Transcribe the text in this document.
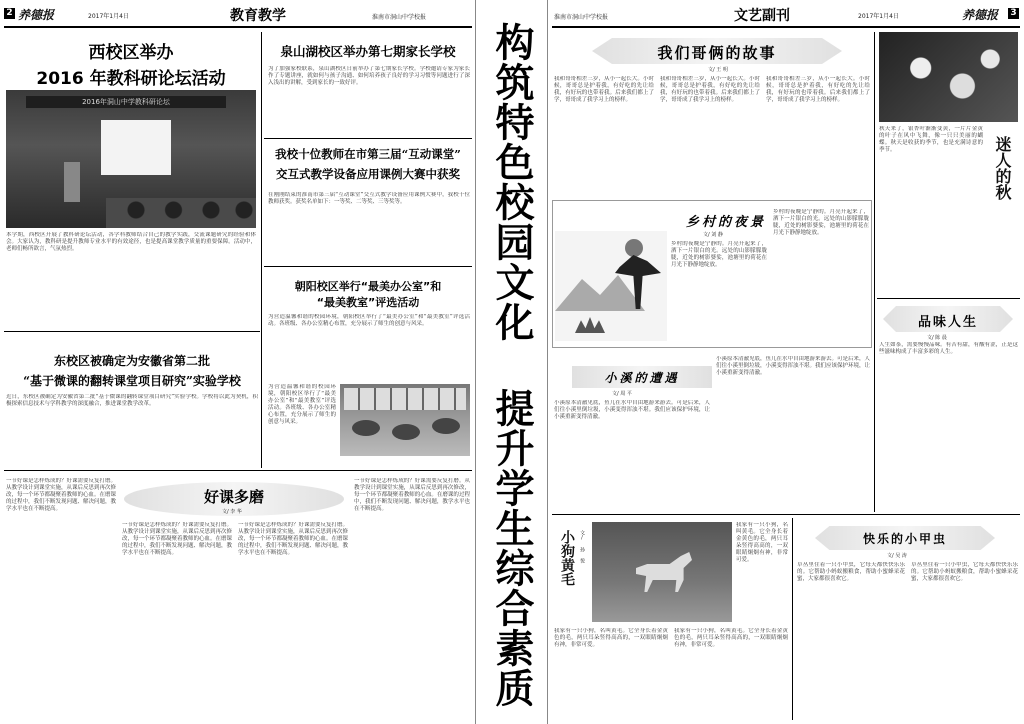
2 养德报	2017年1月4日	教育教学	淮南市洞山中学校报
西校区举办
2016 年教科研论坛活动
2016年洞山中学教科研论坛
本学期，西校区开展了教科研论坛活动，各学科教师结合自己的教学实践，交流课题研究的经验和体会。大家认为，教科研是提升教师专业水平的有效途径，也是提高课堂教学质量的重要保障。活动中，老师们畅所欲言，气氛热烈。
泉山湖校区举办第七期家长学校
为了加强家校联系，泉山湖校区日前举办了第七期家长学校。学校邀请专家为家长作了专题讲座，就如何与孩子沟通、如何培养孩子良好的学习习惯等问题进行了深入浅出的讲解，受到家长的一致好评。
我校十位教师在市第三届“互动课堂”
交互式教学设备应用课例大赛中获奖
在刚刚结束的淮南市第三届“互动课堂”交互式教学设备应用课例大赛中，我校十位教师获奖。获奖名单如下：一等奖、二等奖、三等奖等。
朝阳校区举行“最美办公室”和
“最美教室”评选活动
为营造温馨和谐的校园环境，朝阳校区举行了“最美办公室”和“最美教室”评选活动。各班级、各办公室精心布置，充分展示了师生的创意与风采。
为营造温馨和谐的校园环境，朝阳校区举行了“最美办公室”和“最美教室”评选活动。各班级、各办公室精心布置，充分展示了师生的创意与风采。
东校区被确定为安徽省第二批
“基于微课的翻转课堂项目研究”实验学校
近日，东校区被确定为安徽省第二批“基于微课的翻转课堂项目研究”实验学校。学校将以此为契机，积极探索信息技术与学科教学的深度融合，推进课堂教学改革。
好课多磨
文/ 李 华
一节好课是怎样炼成的？好课需要反复打磨。从教学设计到课堂实施，从课后反思到再次修改，每一个环节都凝聚着教师的心血。在磨课的过程中，我们不断发现问题、解决问题，教学水平也在不断提高。
一节好课是怎样炼成的？好课需要反复打磨。从教学设计到课堂实施，从课后反思到再次修改，每一个环节都凝聚着教师的心血。在磨课的过程中，我们不断发现问题、解决问题，教学水平也在不断提高。
一节好课是怎样炼成的？好课需要反复打磨。从教学设计到课堂实施，从课后反思到再次修改，每一个环节都凝聚着教师的心血。在磨课的过程中，我们不断发现问题、解决问题，教学水平也在不断提高。
一节好课是怎样炼成的？好课需要反复打磨。从教学设计到课堂实施，从课后反思到再次修改，每一个环节都凝聚着教师的心血。在磨课的过程中，我们不断发现问题、解决问题，教学水平也在不断提高。	构筑特色校园文化 提升学生综合素质
淮南市洞山中学校报	文艺副刊	2017年1月4日	养德报 3
我们哥俩的故事
文/ 王 明
我和哥哥相差三岁，从小一起长大。小时候，哥哥总是护着我，有好吃的先让给我，有好玩的也带着我。后来我们都上了学，哥哥成了我学习上的榜样。
我和哥哥相差三岁，从小一起长大。小时候，哥哥总是护着我，有好吃的先让给我，有好玩的也带着我。后来我们都上了学，哥哥成了我学习上的榜样。
我和哥哥相差三岁，从小一起长大。小时候，哥哥总是护着我，有好吃的先让给我，有好玩的也带着我。后来我们都上了学，哥哥成了我学习上的榜样。
乡村的夜景
文/ 刘 静
乡村的夜晚是宁静的。月亮升起来了，洒下一片银白的光。远处的山影朦朦胧胧，近处的树影婆娑，池塘里的荷花在月光下静静地绽放。
乡村的夜晚是宁静的。月亮升起来了，洒下一片银白的光。远处的山影朦朦胧胧，近处的树影婆娑，池塘里的荷花在月光下静静地绽放。
迷人的秋
秋天来了，银杏叶渐渐变黄，一片片金黄的叶子在风中飞舞，像一只只美丽的蝴蝶。秋天是收获的季节，也是充满诗意的季节。
品味人生
文/ 陈 晨
人生如茶，需要慢慢品味。有苦有甜，有酸有涩，正是这些滋味构成了丰富多彩的人生。
小溪的遭遇
文/ 周 平
小溪原本清澈见底，鱼儿在水中自由地游来游去。可是后来，人们往小溪里倒垃圾，小溪变得浑浊不堪。我们应该保护环境，让小溪重新变得清澈。
小溪原本清澈见底，鱼儿在水中自由地游来游去。可是后来，人们往小溪里倒垃圾，小溪变得浑浊不堪。我们应该保护环境，让小溪重新变得清澈。
小狗黄毛 文/ 孙 悦
我家有一只小狗，名叫黄毛。它全身长着金黄色的毛，两只耳朵竖得高高的，一双眼睛炯炯有神，非常可爱。
我家有一只小狗，名叫黄毛。它全身长着金黄色的毛，两只耳朵竖得高高的，一双眼睛炯炯有神，非常可爱。
我家有一只小狗，名叫黄毛。它全身长着金黄色的毛，两只耳朵竖得高高的，一双眼睛炯炯有神，非常可爱。
快乐的小甲虫
文/ 吴 涛
草丛里住着一只小甲虫，它每天都快快乐乐的。它帮助小蚂蚁搬粮食，帮助小蜜蜂采花蜜，大家都很喜欢它。
草丛里住着一只小甲虫，它每天都快快乐乐的。它帮助小蚂蚁搬粮食，帮助小蜜蜂采花蜜，大家都很喜欢它。
